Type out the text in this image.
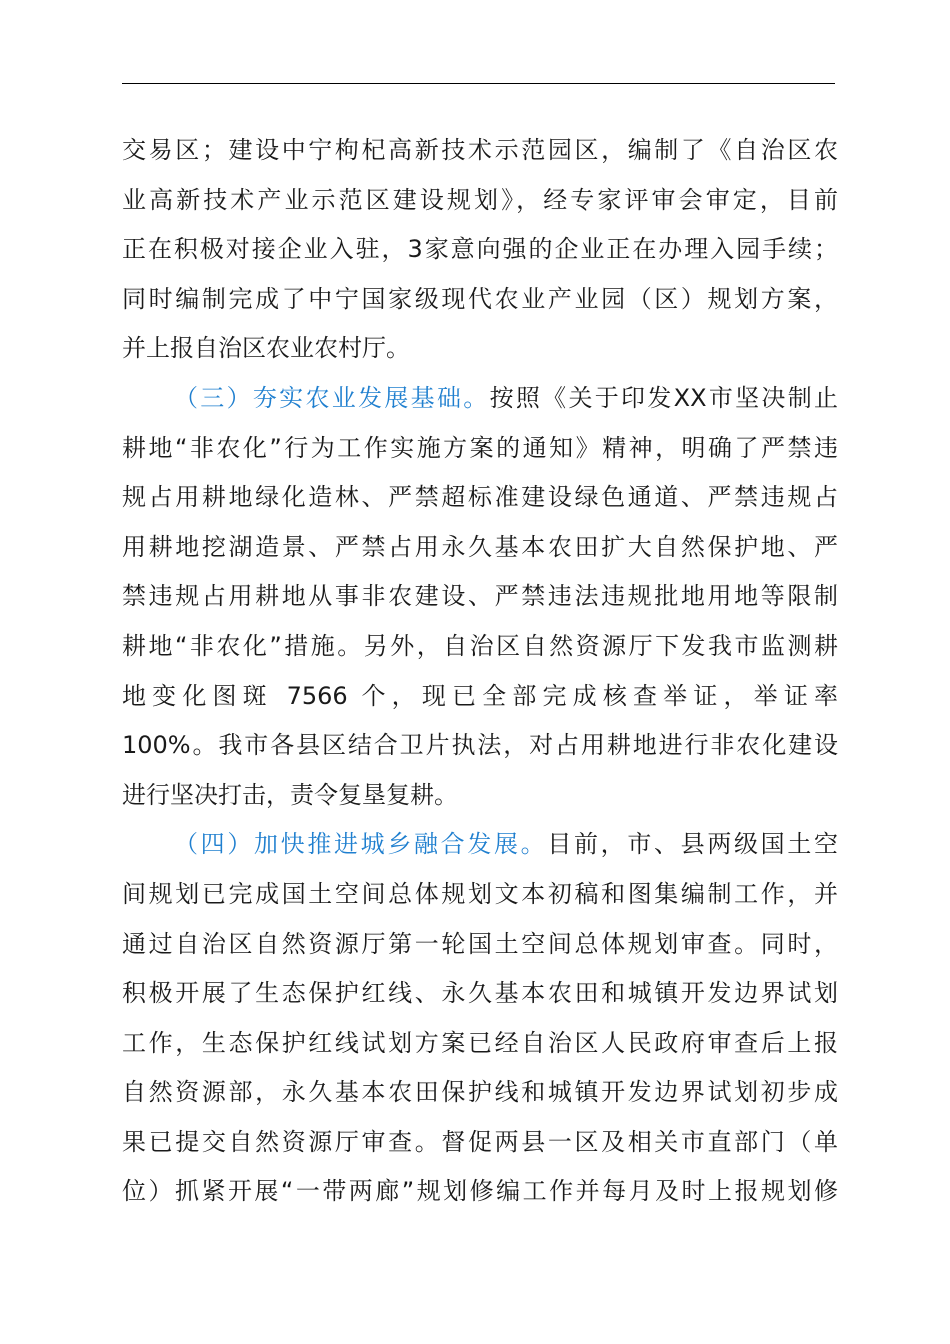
交易区；建设中宁枸杞高新技术示范园区，编制了《自治区农
业高新技术产业示范区建设规划》，经专家评审会审定，目前
正在积极对接企业入驻，3家意向强的企业正在办理入园手续；
同时编制完成了中宁国家级现代农业产业园（区）规划方案，
并上报自治区农业农村厅。
（三）夯实农业发展基础。按照《关于印发XX市坚决制止
耕地“非农化”行为工作实施方案的通知》精神，明确了严禁违
规占用耕地绿化造林、严禁超标准建设绿色通道、严禁违规占
用耕地挖湖造景、严禁占用永久基本农田扩大自然保护地、严
禁违规占用耕地从事非农建设、严禁违法违规批地用地等限制
耕地“非农化”措施。另外，自治区自然资源厅下发我市监测耕
地变化图斑 7566 个，现已全部完成核查举证，举证率
100%。我市各县区结合卫片执法，对占用耕地进行非农化建设
进行坚决打击，责令复垦复耕。
（四）加快推进城乡融合发展。目前，市、县两级国土空
间规划已完成国土空间总体规划文本初稿和图集编制工作，并
通过自治区自然资源厅第一轮国土空间总体规划审查。同时，
积极开展了生态保护红线、永久基本农田和城镇开发边界试划
工作，生态保护红线试划方案已经自治区人民政府审查后上报
自然资源部，永久基本农田保护线和城镇开发边界试划初步成
果已提交自然资源厅审查。督促两县一区及相关市直部门（单
位）抓紧开展“一带两廊”规划修编工作并每月及时上报规划修
